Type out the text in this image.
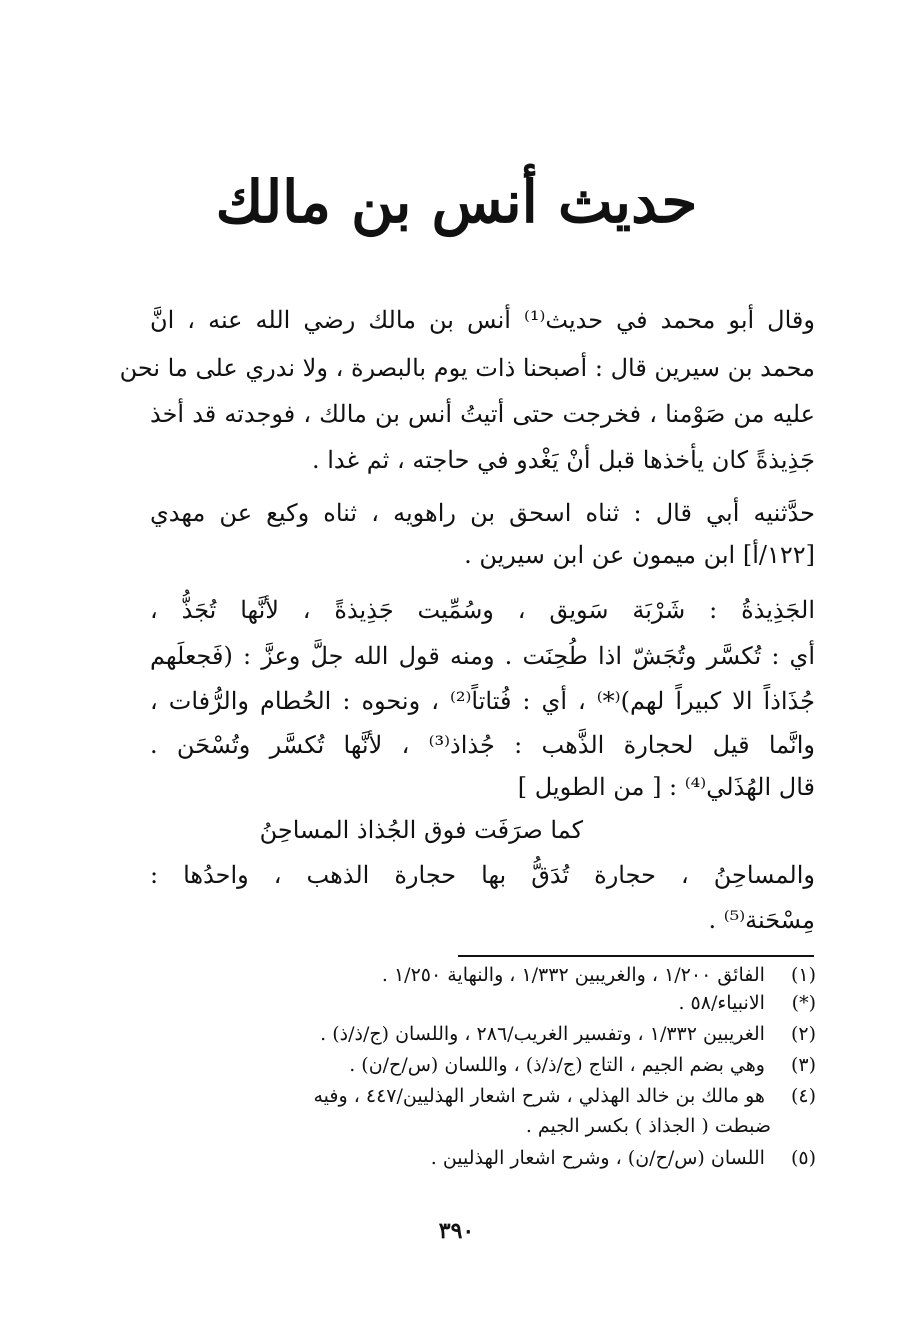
حديث أنس بن مالك
وقال أبو محمد في حديث⁽¹⁾ أنس بن مالك رضي الله عنه ، انَّ
محمد بن سيرين قال : أصبحنا ذات يوم بالبصرة ، ولا ندري على ما نحن
عليه من صَوْمنا ، فخرجت حتى أتيتُ أنس بن مالك ، فوجدته قد أخذ
جَذِيذةً كان يأخذها قبل أنْ يَغْدو في حاجته ، ثم غدا .
حدَّثنيه أبي قال : ثناه اسحق بن راهويه ، ثناه وكيع عن مهدي
[١٢٢/أ] ابن ميمون عن ابن سيرين .
الجَذِيذةُ : شَرْبَة سَويق ، وسُمِّيت جَذِيذةً ، لأنَّها تُجَذُّ ،
أي : تُكسَّر وتُجَشّ اذا طُحِنَت . ومنه قول الله جلَّ وعزَّ : (فَجعلَهم
جُذَاذاً الا كبيراً لهم)⁽*⁾ ، أي : فُتاتاً⁽²⁾ ، ونحوه : الحُطام والرُّفات ،
وانَّما قيل لحجارة الذَّهب : جُذاذ⁽³⁾ ، لأنَّها تُكسَّر وتُسْحَن .
قال الهُذَلي⁽⁴⁾ : [ من الطويل ]
كما صرَفَت فوق الجُذاذ المساحِنُ
والمساحِنُ ، حجارة تُدَقُّ بها حجارة الذهب ، واحدُها :
مِسْحَنة⁽⁵⁾ .
(١) الفائق ١/٢٠٠ ، والغريبين ١/٣٣٢ ، والنهاية ١/٢٥٠ .
(*) الانبياء/٥٨ .
(٢) الغريبين ١/٣٣٢ ، وتفسير الغريب/٢٨٦ ، واللسان (ج/ذ/ذ) .
(٣) وهي بضم الجيم ، التاج (ج/ذ/ذ) ، واللسان (س/ح/ن) .
(٤) هو مالك بن خالد الهذلي ، شرح اشعار الهذليين/٤٤٧ ، وفيه
ضبطت ( الجذاذ ) بكسر الجيم .
(٥) اللسان (س/ح/ن) ، وشرح اشعار الهذليين .
٣٩٠
